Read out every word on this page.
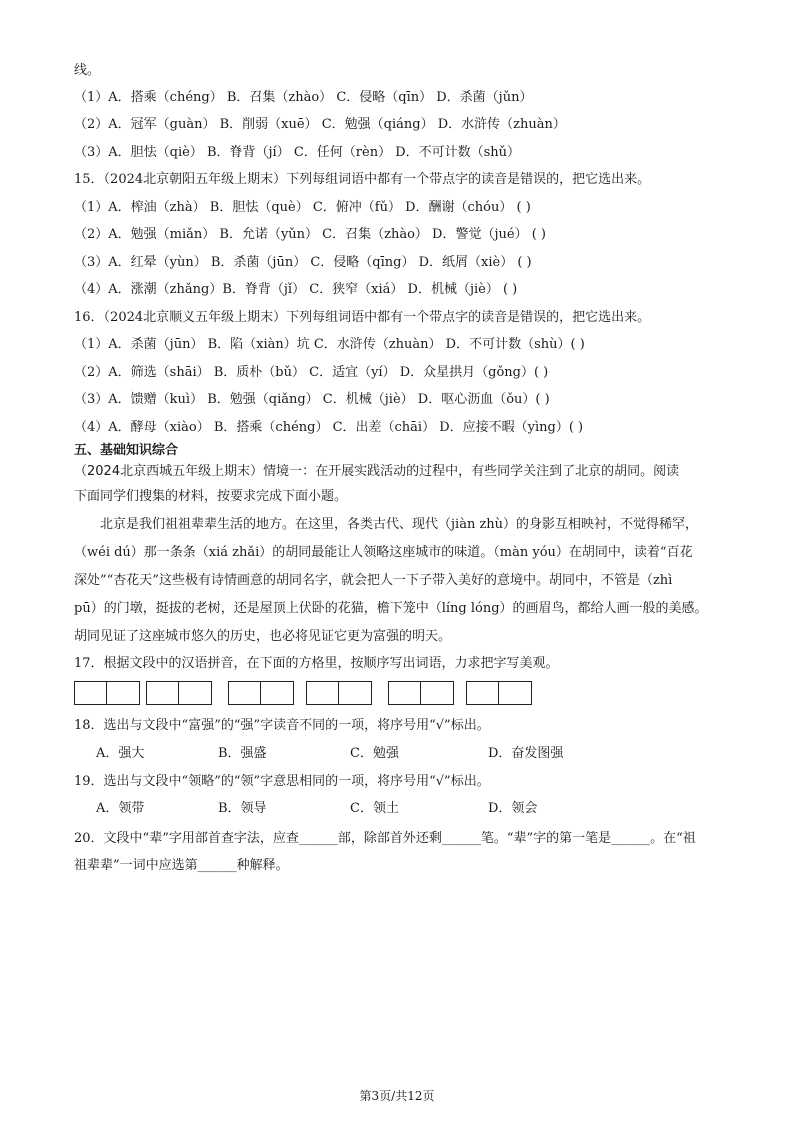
线。
（1）A．搭乘（chéng） B．召集（zhào） C．侵略（qīn） D．杀菌（jǔn）
（2）A．冠军（guàn） B．削弱（xuē） C．勉强（qiáng） D．水浒传（zhuàn）
（3）A．胆怯（qiè） B．脊背（jí） C．任何（rèn） D．不可计数（shǔ）
15．（2024北京朝阳五年级上期末）下列每组词语中都有一个带点字的读音是错误的，把它选出来。
（1）A．榨油（zhà） B．胆怯（què） C．俯冲（fǔ） D．酬谢（chóu） ( )
（2）A．勉强（miǎn） B．允诺（yǔn） C．召集（zhào） D．警觉（jué） ( )
（3）A．红晕（yùn） B．杀菌（jūn） C．侵略（qīng） D．纸屑（xiè） ( )
（4）A．涨潮（zhǎng）B．脊背（jǐ） C．狭窄（xiá） D．机械（jiè） ( )
16．（2024北京顺义五年级上期末）下列每组词语中都有一个带点字的读音是错误的，把它选出来。
（1）A．杀菌（jūn） B．陷（xiàn）坑 C．水浒传（zhuàn） D．不可计数（shù）( )
（2）A．筛选（shāi） B．质朴（bǔ） C．适宜（yí） D．众星拱月（gǒng）( )
（3）A．馈赠（kuì） B．勉强（qiǎng） C．机械（jiè） D．呕心沥血（ǒu）( )
（4）A．酵母（xiào） B．搭乘（chéng） C．出差（chāi） D．应接不暇（yìng）( )
五、基础知识综合
（2024北京西城五年级上期末）情境一：在开展实践活动的过程中，有些同学关注到了北京的胡同。阅读
下面同学们搜集的材料，按要求完成下面小题。
北京是我们祖祖辈辈生活的地方。在这里，各类古代、现代（jiàn zhù）的身影互相映衬，不觉得稀罕，
（wéi dú）那一条条（xiá zhǎi）的胡同最能让人领略这座城市的味道。（màn yóu）在胡同中，读着“百花
深处”“杏花天”这些极有诗情画意的胡同名字，就会把人一下子带入美好的意境中。胡同中，不管是（zhì
pū）的门墩，挺拔的老树，还是屋顶上伏卧的花猫，檐下笼中（líng lóng）的画眉鸟，都给人画一般的美感。
胡同见证了这座城市悠久的历史，也必将见证它更为富强的明天。
17．根据文段中的汉语拼音，在下面的方格里，按顺序写出词语，力求把字写美观。
18．选出与文段中“富强”的“强”字读音不同的一项，将序号用“√”标出。
A．强大	B．强盛	C．勉强	D．奋发图强
19．选出与文段中“领略”的“领”字意思相同的一项，将序号用“√”标出。
A．领带	B．领导	C．领土	D．领会
20．文段中“辈”字用部首查字法，应查______部，除部首外还剩______笔。“辈”字的第一笔是______。在“祖
祖辈辈”一词中应选第______种解释。
第3页/共12页
